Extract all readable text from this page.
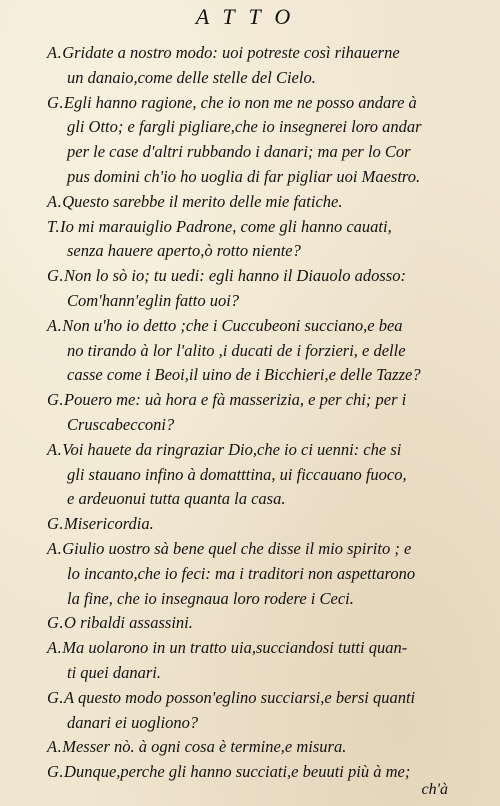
ATTO
A.Gridate a nostro modo: uoi potreste così rihauerne
un danaio,come delle stelle del Cielo.
G.Egli hanno ragione, che io non me ne posso andare à
gli Otto; e fargli pigliare,che io insegnerei loro andar
per le case d'altri rubbando i danari; ma per lo Cor
pus domini ch'io ho uoglia di far pigliar uoi Maestro.
A.Questo sarebbe il merito delle mie fatiche.
T.Io mi marauiglio Padrone, come gli hanno cauati,
senza hauere aperto,ò rotto niente?
G.Non lo sò io; tu uedi: egli hanno il Diauolo adosso:
Com'hann'eglin fatto uoi?
A.Non u'ho io detto ;che i Cuccubeoni succiano,e bea
no tirando à lor l'alito ,i ducati de i forzieri, e delle
casse come i Beoi,il uino de i Bicchieri,e delle Tazze?
G.Pouero me: uà hora e fà masserizia, e per chi; per i
Cruscabecconi?
A.Voi hauete da ringraziar Dio,che io ci uenni: che si
gli stauano infino à domatttina, ui ficcauano fuoco,
e ardeuonui tutta quanta la casa.
G.Misericordia.
A.Giulio uostro sà bene quel che disse il mio spirito ; e
lo incanto,che io feci: ma i traditori non aspettarono
la fine, che io insegnaua loro rodere i Ceci.
G.O ribaldi assassini.
A.Ma uolarono in un tratto uia,succiandosi tutti quan-
ti quei danari.
G.A questo modo posson'eglino succiarsi,e bersi quanti
danari ei uogliono?
A.Messer nò. à ogni cosa è termine,e misura.
G.Dunque,perche gli hanno succiati,e beuuti più à me;
ch'à
